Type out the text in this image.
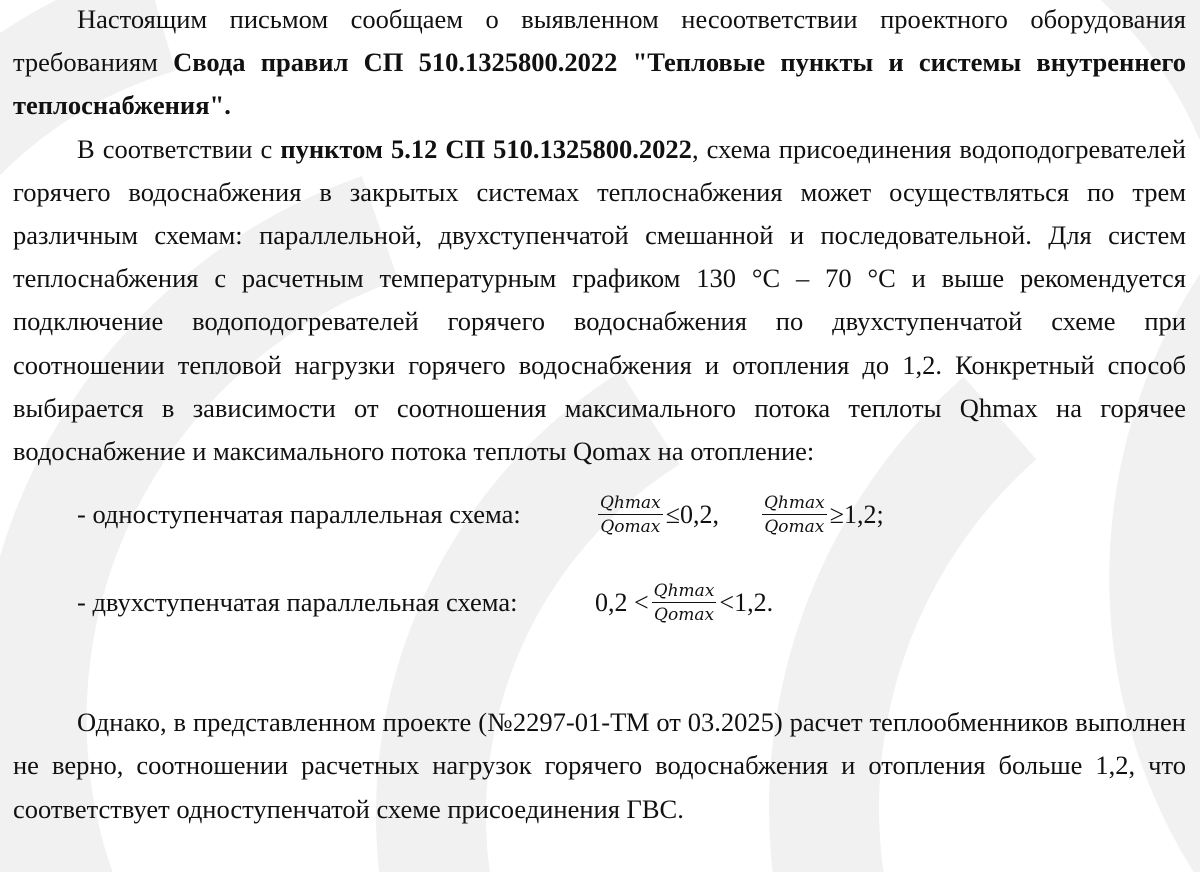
Настоящим письмом сообщаем о выявленном несоответствии проектного оборудования требованиям Свода правил СП 510.1325800.2022 "Тепловые пункты и системы внутреннего теплоснабжения".

В соответствии с пунктом 5.12 СП 510.1325800.2022, схема присоединения водоподогревателей горячего водоснабжения в закрытых системах теплоснабжения может осуществляться по трем различным схемам: параллельной, двухступенчатой смешанной и последовательной. Для систем теплоснабжения с расчетным температурным графиком 130 °С – 70 °С и выше рекомендуется подключение водоподогревателей горячего водоснабжения по двухступенчатой схеме при соотношении тепловой нагрузки горячего водоснабжения и отопления до 1,2. Конкретный способ выбирается в зависимости от соотношения максимального потока теплоты Qhmax на горячее водоснабжение и максимального потока теплоты Qomax на отопление:

- одноступенчатая параллельная схема:	$\frac{Qhmax}{Qomax} \le 0,2$,	$\frac{Qhmax}{Qomax} \ge 1,2$;
- двухступенчатая параллельная схема:	$0,2 < \frac{Qhmax}{Qomax} <1,2$.

Однако, в представленном проекте (№2297-01-ТМ от 03.2025) расчет теплообменников выполнен не верно, соотношении расчетных нагрузок горячего водоснабжения и отопления больше 1,2, что соответствует одноступенчатой схеме присоединения ГВС.
